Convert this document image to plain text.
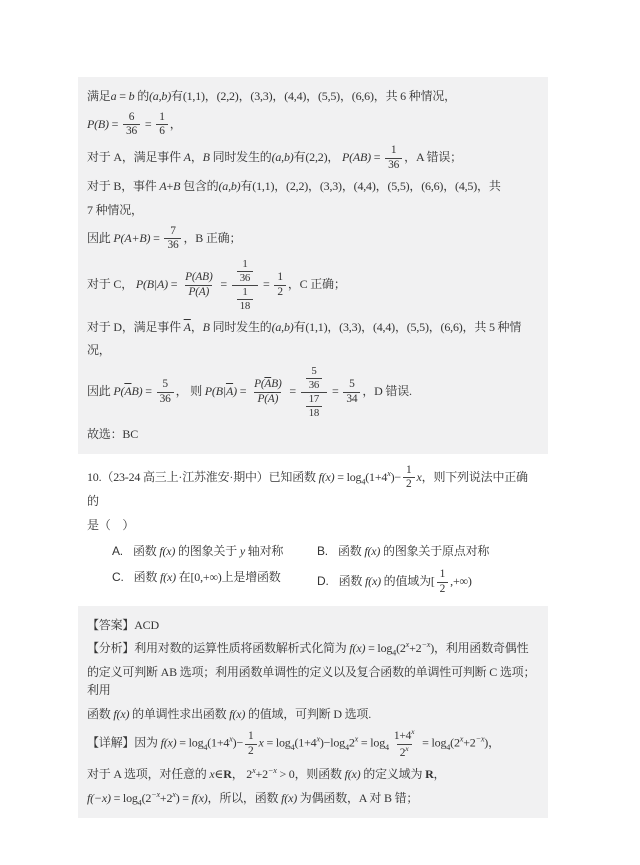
满足a = b 的(a,b)有(1,1)，(2,2)，(3,3)，(4,4)，(5,5)，(6,6)，共 6 种情况，
$P(B) = \frac{6}{36} = \frac{1}{6}$ ，
对于 A，满足事件 A，B 同时发生的(a,b)有(2,2)， $P(AB) = \frac{1}{36}$ ，A 错误；
对于 B，事件 A+B 包含的(a,b)有(1,1)，(2,2)，(3,3)，(4,4)，(5,5)，(6,6)，(4,5)，共
7 种情况，
因此 $P(A+B) = \frac{7}{36}$ ，B 正确；
对于 C， $P(B|A) = \frac{P(AB)}{P(A)} = \frac{\frac{1}{36}}{\frac{1}{18}} = \frac{1}{2}$ ，C 正确；
对于 D，满足事件 $\overline{A}$，B 同时发生的(a,b)有(1,1)，(3,3)，(4,4)，(5,5)，(6,6)，共 5 种情
况，
因此 $P(\overline{A}B) = \frac{5}{36}$ ， 则 $P(B|\overline{A}) = \frac{P(\overline{A}B)}{P(\overline{A})} = \frac{\frac{5}{36}}{\frac{17}{18}} = \frac{5}{34}$ ，D 错误.
故选：BC
10.（23-24 高三上·江苏淮安·期中）已知函数 $f(x) = \log_4(1+4^x)- \frac{1}{2}$ x，则下列说法中正确的
是（　）
A. 函数 f(x) 的图象关于 y 轴对称	B. 函数 f(x) 的图象关于原点对称
C. 函数 f(x) 在[0,+∞)上是增函数	D. 函数 f(x) 的值域为[ $\frac{1}{2}$ ,+∞)
【答案】ACD
【分析】利用对数的运算性质将函数解析式化简为 $f(x) = \log_4(2^x+2^{-x})$，利用函数奇偶性
的定义可判断 AB 选项；利用函数单调性的定义以及复合函数的单调性可判断 C 选项；利用
函数 f(x) 的单调性求出函数 f(x) 的值域，可判断 D 选项.
【详解】因为 $f(x) = \log_4(1+4^x)- \frac{1}{2}$ $x = \log_4(1+4^x)-\log_42^x = \log_4 \frac{1+4^x}{2^x} = \log_4(2^x+2^{-x})$，
对于 A 选项，对任意的 x∈R， $2^x+2^{-x} > 0$，则函数 f(x) 的定义域为 R，
$f(-x) = \log_4(2^{-x}+2^x) = f(x)$，所以，函数 f(x) 为偶函数，A 对 B 错；
